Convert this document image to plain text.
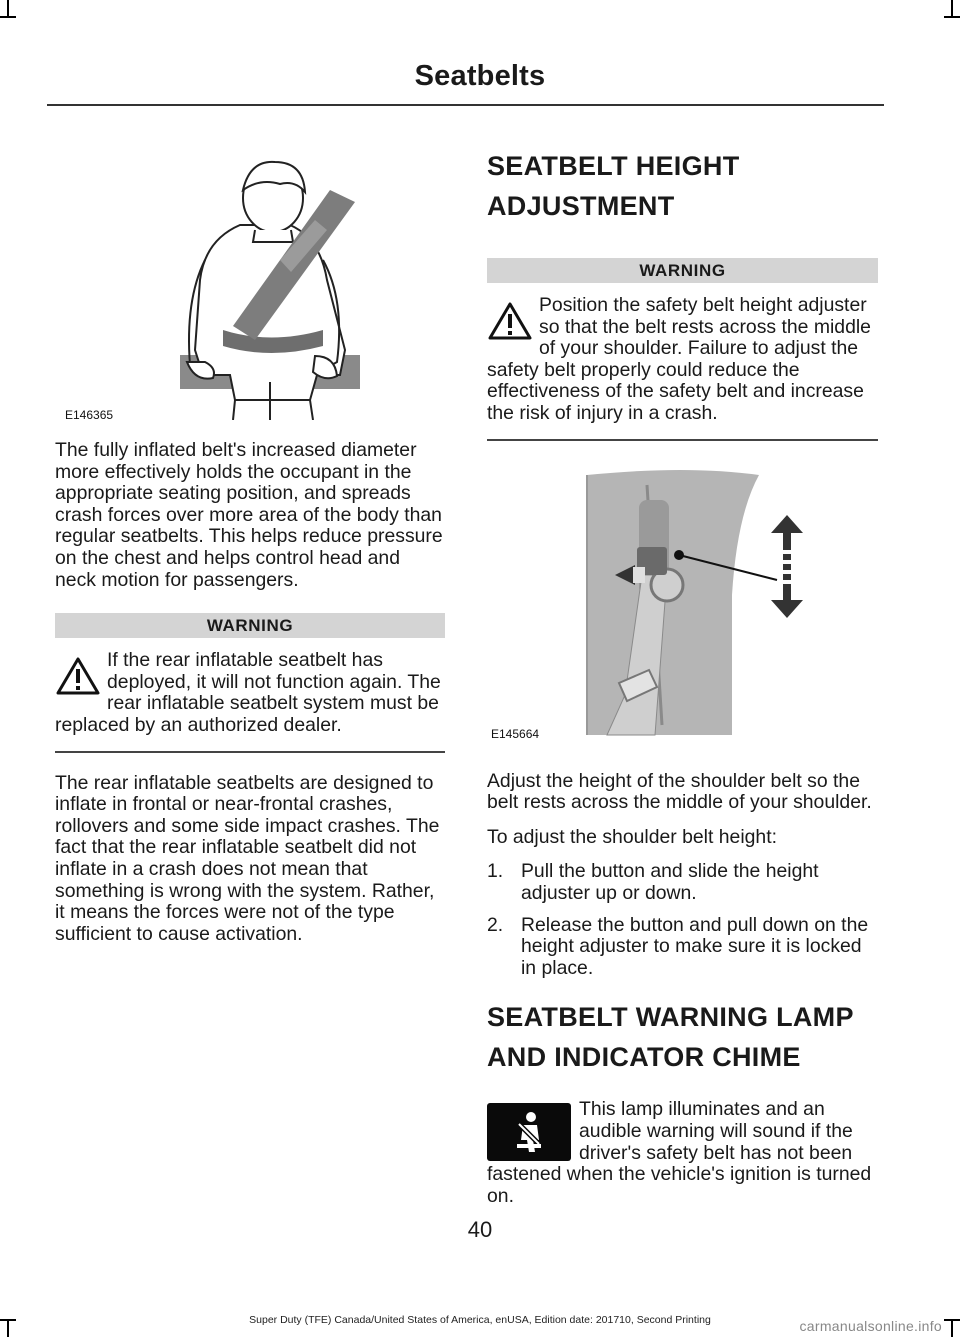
Seatbelts
E146365

The fully inflated belt's increased diameter more effectively holds the occupant in the appropriate seating position, and spreads crash forces over more area of the body than regular seatbelts. This helps reduce pressure on the chest and helps control head and neck motion for passengers.

WARNING
If the rear inflatable seatbelt has deployed, it will not function again. The rear inflatable seatbelt system must be replaced by an authorized dealer.

The rear inflatable seatbelts are designed to inflate in frontal or near-frontal crashes, rollovers and some side impact crashes. The fact that the rear inflatable seatbelt did not inflate in a crash does not mean that something is wrong with the system. Rather, it means the forces were not of the type sufficient to cause activation.

SEATBELT HEIGHT
ADJUSTMENT
WARNING
Position the safety belt height adjuster so that the belt rests across the middle of your shoulder. Failure to adjust the safety belt properly could reduce the effectiveness of the safety belt and increase the risk of injury in a crash.
E145664

Adjust the height of the shoulder belt so the belt rests across the middle of your shoulder.

To adjust the shoulder belt height:

1. Pull the button and slide the height adjuster up or down.
2. Release the button and pull down on the height adjuster to make sure it is locked in place.
SEATBELT WARNING LAMP
AND INDICATOR CHIME
This lamp illuminates and an audible warning will sound if the driver's safety belt has not been fastened when the vehicle's ignition is turned on.
40
Super Duty (TFE) Canada/United States of America, enUSA, Edition date: 201710, Second Printing	carmanualsonline.info
